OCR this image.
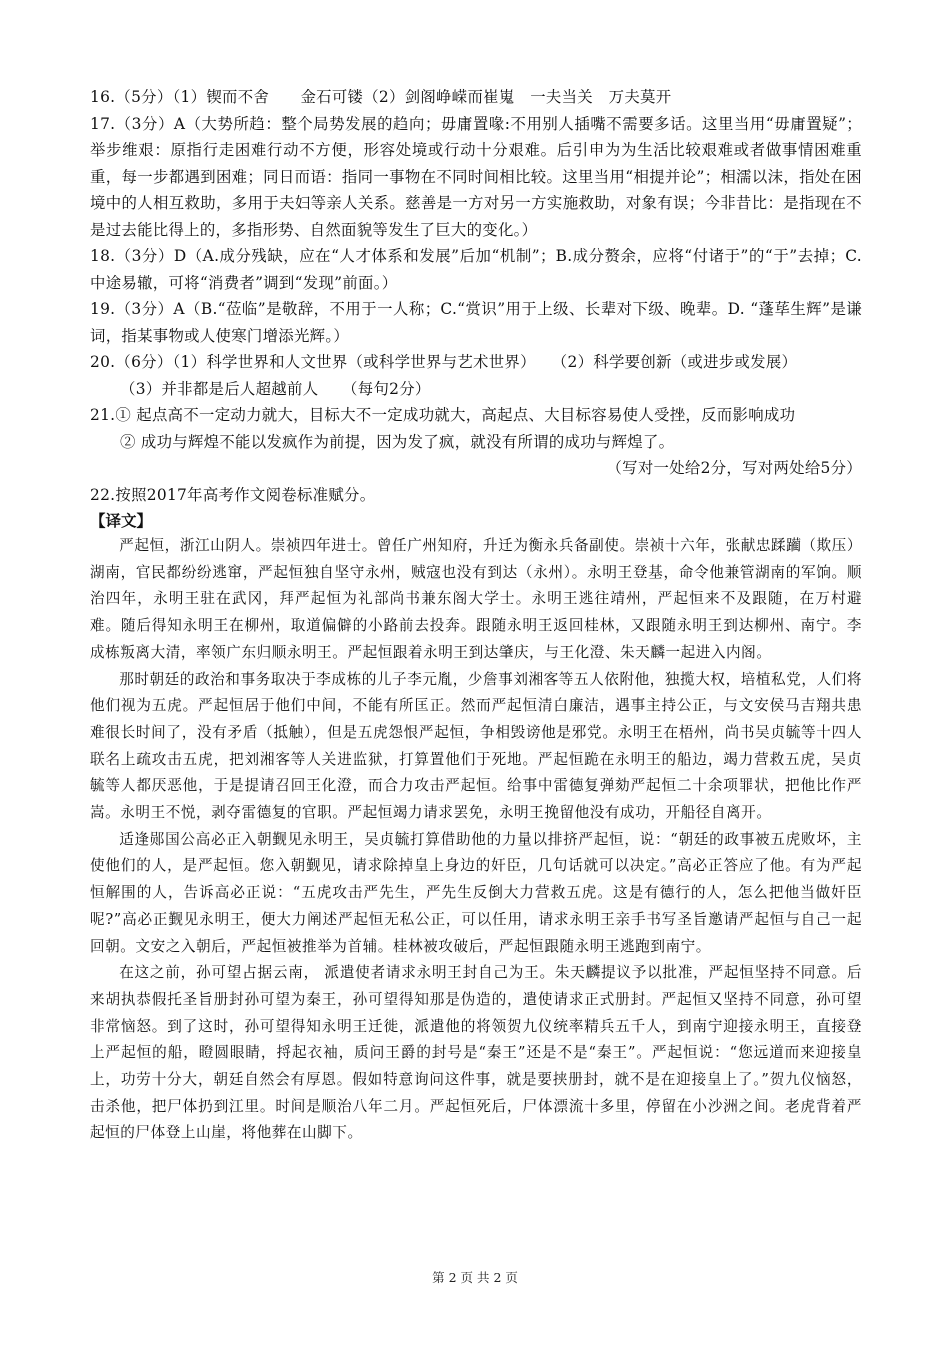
16.（5分）（1）锲而不舍　　金石可镂（2）剑阁峥嵘而崔嵬　一夫当关　万夫莫开

17.（3分）A（大势所趋：整个局势发展的趋向；毋庸置喙:不用别人插嘴不需要多话。这里当用“毋庸置疑”；举步维艰：原指行走困难行动不方便，形容处境或行动十分艰难。后引申为为生活比较艰难或者做事情困难重重，每一步都遇到困难；同日而语：指同一事物在不同时间相比较。这里当用“相提并论”；相濡以沫，指处在困境中的人相互救助，多用于夫妇等亲人关系。慈善是一方对另一方实施救助，对象有误；今非昔比：是指现在不是过去能比得上的，多指形势、自然面貌等发生了巨大的变化。）

18.（3分）D（A.成分残缺，应在“人才体系和发展”后加“机制”；B.成分赘余，应将“付诸于”的“于”去掉；C.中途易辙，可将“消费者”调到“发现”前面。）

19.（3分）A（B.“莅临”是敬辞，不用于一人称；C.“赏识”用于上级、长辈对下级、晚辈。D. “蓬荜生辉”是谦词，指某事物或人使寒门增添光辉。）

20.（6分）（1）科学世界和人文世界（或科学世界与艺术世界）　　（2）科学要创新（或进步或发展）

（3）并非都是后人超越前人　　（每句2分）

21.① 起点高不一定动力就大，目标大不一定成功就大，高起点、大目标容易使人受挫，反而影响成功

② 成功与辉煌不能以发疯作为前提，因为发了疯，就没有所谓的成功与辉煌了。

（写对一处给2分，写对两处给5分）

22.按照2017年高考作文阅卷标准赋分。

【译文】

严起恒，浙江山阴人。崇祯四年进士。曾任广州知府，升迁为衡永兵备副使。崇祯十六年，张献忠蹂躏（欺压）湖南，官民都纷纷逃窜，严起恒独自坚守永州，贼寇也没有到达（永州）。永明王登基，命令他兼管湖南的军饷。顺治四年，永明王驻在武冈，拜严起恒为礼部尚书兼东阁大学士。永明王逃往靖州，严起恒来不及跟随，在万村避难。随后得知永明王在柳州，取道偏僻的小路前去投奔。跟随永明王返回桂林，又跟随永明王到达柳州、南宁。李成栋叛离大清，率领广东归顺永明王。严起恒跟着永明王到达肇庆，与王化澄、朱天麟一起进入内阁。

那时朝廷的政治和事务取决于李成栋的儿子李元胤，少詹事刘湘客等五人依附他，独揽大权，培植私党，人们将他们视为五虎。严起恒居于他们中间，不能有所匡正。然而严起恒清白廉洁，遇事主持公正，与文安侯马吉翔共患难很长时间了，没有矛盾（抵触），但是五虎怨恨严起恒，争相毁谤他是邪党。永明王在梧州，尚书吴贞毓等十四人联名上疏攻击五虎，把刘湘客等人关进监狱，打算置他们于死地。严起恒跪在永明王的船边，竭力营救五虎，吴贞毓等人都厌恶他，于是提请召回王化澄，而合力攻击严起恒。给事中雷德复弹劾严起恒二十余项罪状，把他比作严嵩。永明王不悦，剥夺雷德复的官职。严起恒竭力请求罢免，永明王挽留他没有成功，开船径自离开。

适逢郧国公高必正入朝觐见永明王，吴贞毓打算借助他的力量以排挤严起恒，说：“朝廷的政事被五虎败坏，主使他们的人，是严起恒。您入朝觐见，请求除掉皇上身边的奸臣，几句话就可以决定。”高必正答应了他。有为严起恒解围的人，告诉高必正说：“五虎攻击严先生，严先生反倒大力营救五虎。这是有德行的人，怎么把他当做奸臣呢?”高必正觐见永明王，便大力阐述严起恒无私公正，可以任用，请求永明王亲手书写圣旨邀请严起恒与自己一起回朝。文安之入朝后，严起恒被推举为首辅。桂林被攻破后，严起恒跟随永明王逃跑到南宁。

在这之前，孙可望占据云南， 派遣使者请求永明王封自己为王。朱天麟提议予以批准，严起恒坚持不同意。后来胡执恭假托圣旨册封孙可望为秦王，孙可望得知那是伪造的，遣使请求正式册封。严起恒又坚持不同意，孙可望非常恼怒。到了这时，孙可望得知永明王迁徙，派遣他的将领贺九仪统率精兵五千人，到南宁迎接永明王，直接登上严起恒的船，瞪圆眼睛，捋起衣袖，质问王爵的封号是“秦王”还是不是“秦王”。严起恒说：“您远道而来迎接皇上，功劳十分大，朝廷自然会有厚恩。假如特意询问这件事，就是要挟册封，就不是在迎接皇上了。”贺九仪恼怒，击杀他，把尸体扔到江里。时间是顺治八年二月。严起恒死后，尸体漂流十多里，停留在小沙洲之间。老虎背着严起恒的尸体登上山崖，将他葬在山脚下。

第 2 页 共 2 页
